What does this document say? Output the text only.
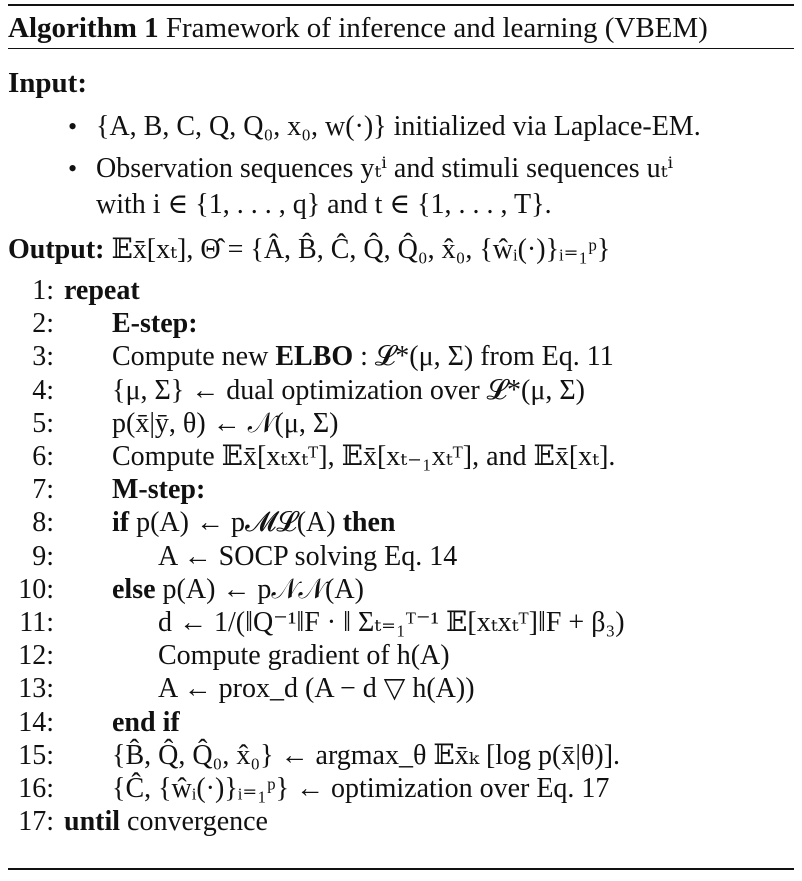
Algorithm 1 Framework of inference and learning (VBEM)
Input:
• {A, B, C, Q, Q₀, x₀, w(·)} initialized via Laplace-EM.
• Observation sequences yₜⁱ and stimuli sequences uₜⁱ
with i ∈ {1, . . . , q} and t ∈ {1, . . . , T}.
Output: 𝔼x̄[xₜ], Θ̂ = {Â, B̂, Ĉ, Q̂, Q̂₀, x̂₀, {ŵᵢ(·)}ᵢ₌₁ᵖ}
1: repeat
2: E-step:
3: Compute new ELBO : 𝓛*(μ, Σ) from Eq. 11
4: {μ, Σ} ← dual optimization over 𝓛*(μ, Σ)
5: p(x̄|ȳ, θ) ← 𝒩(μ, Σ)
6: Compute 𝔼x̄[xₜxₜᵀ], 𝔼x̄[xₜ₋₁xₜᵀ], and 𝔼x̄[xₜ].
7: M-step:
8: if p(A) ← p𝓜𝓛(A) then
9:	A ← SOCP solving Eq. 14
10: else p(A) ← p𝒩𝒩(A)
11:	d ← 1/(‖Q⁻¹‖F · ‖ Σₜ₌₁ᵀ⁻¹ 𝔼[xₜxₜᵀ]‖F + β₃)
12:	Compute gradient of h(A)
13:	A ← prox_d (A − d ▽ h(A))
14: end if
15: {B̂, Q̂, Q̂₀, x̂₀} ← argmax_θ 𝔼x̄ₖ [log p(x̄|θ)].
16: {Ĉ, {ŵᵢ(·)}ᵢ₌₁ᵖ} ← optimization over Eq. 17
17: until convergence
